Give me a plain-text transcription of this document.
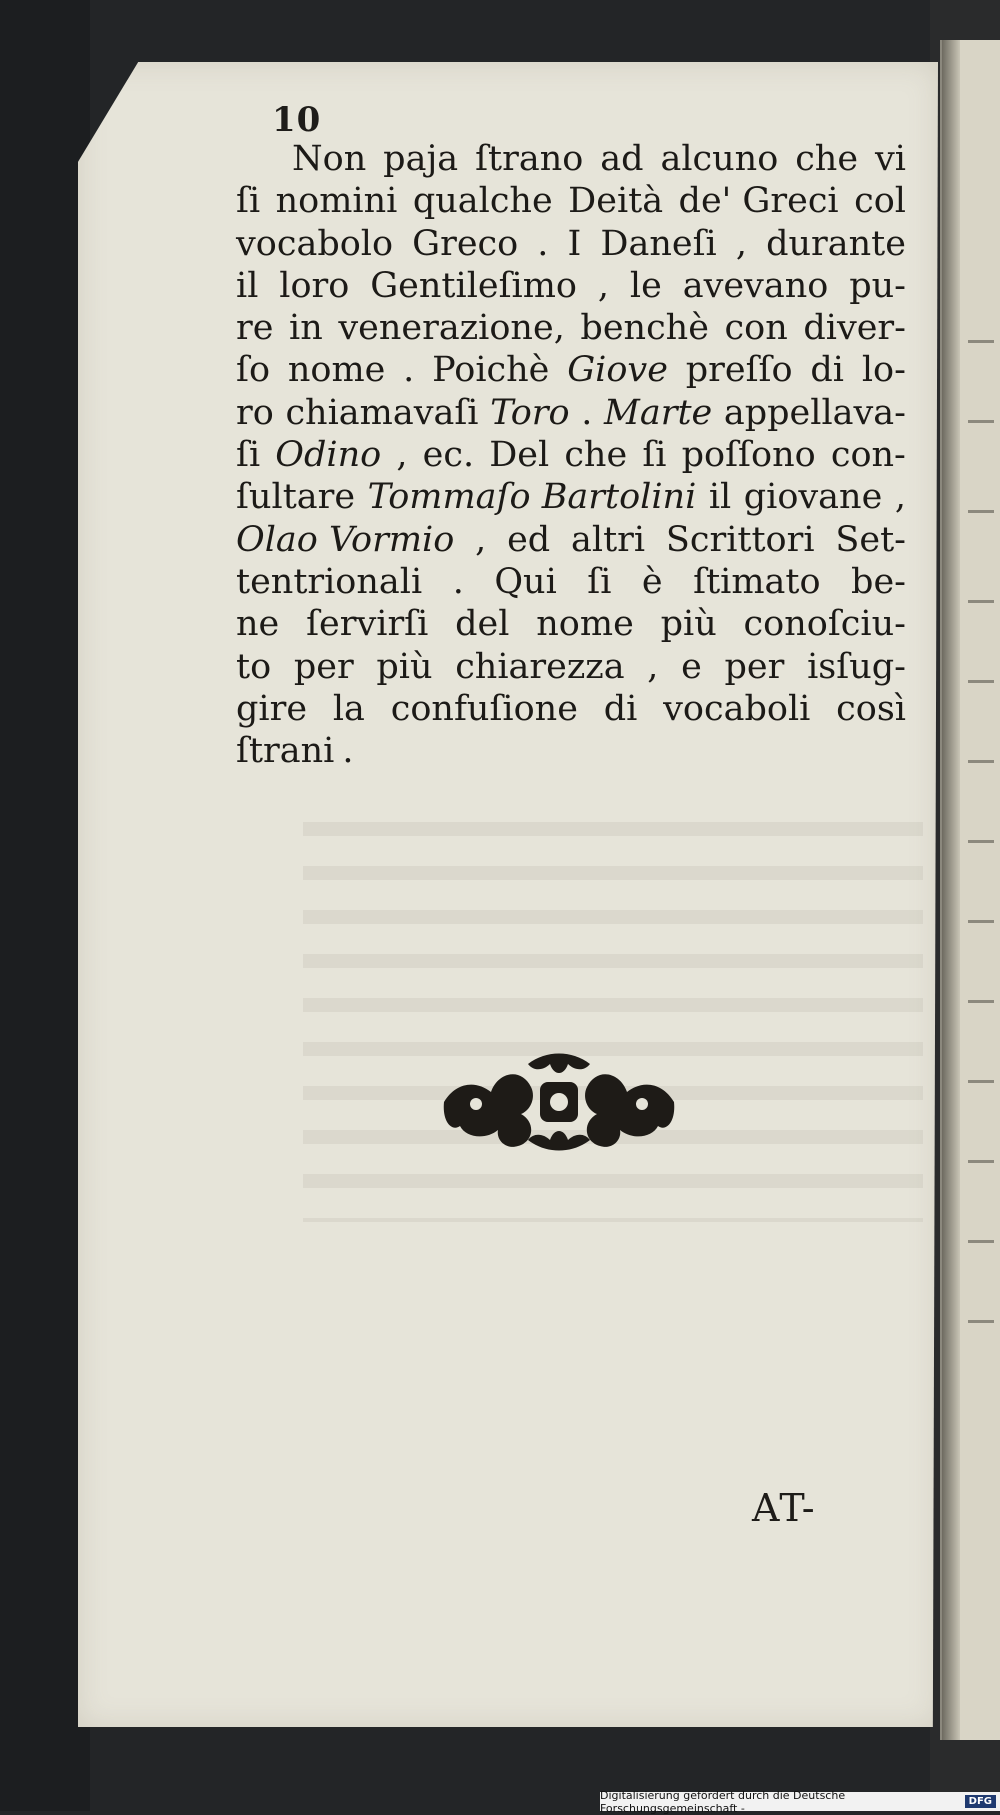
10
Non paja ſtrano ad alcuno che vi
ſi nomini qualche Deità de' Greci col
vocabolo Greco . I Daneſi , durante
il loro Gentileſimo , le avevano pu-
re in venerazione, benchè con diver-
ſo nome . Poichè Giove preſſo di lo-
ro chiamavaſi Toro . Marte appellava-
ſi Odino , ec. Del che ſi poſſono con-
ſultare Tommaſo Bartolini il giovane ,
Olao Vormio , ed altri Scrittori Set-
tentrionali . Qui ſi è ſtimato be-
ne ſervirſi del nome più conoſciu-
to per più chiarezza , e per isſug-
gire la confuſione di vocaboli così
ſtrani .
AT-
Digitalisierung gefördert durch die Deutsche Forschungsgemeinschaft -	DFG
